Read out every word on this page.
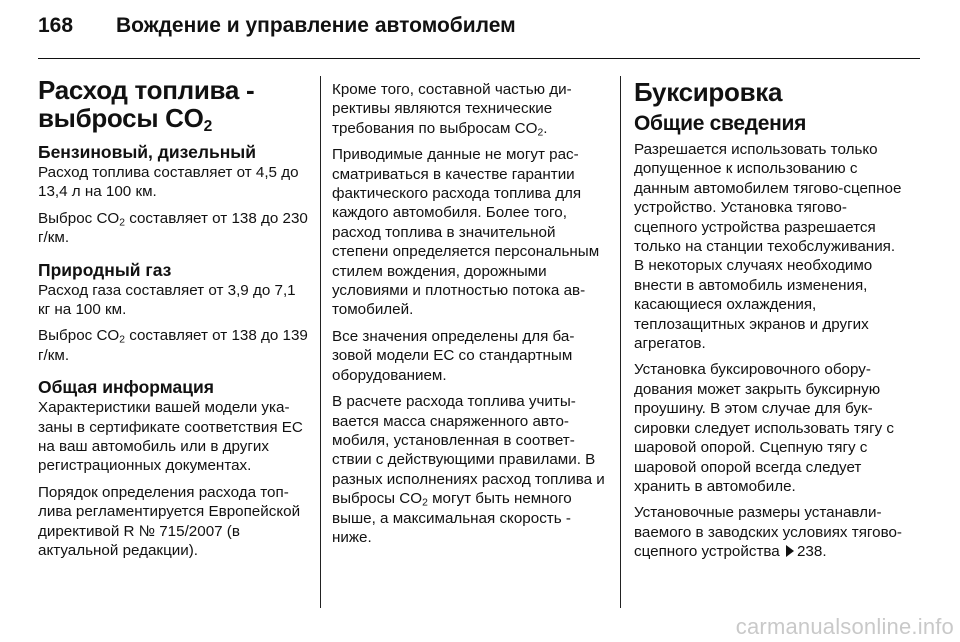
168	Вождение и управление автомобилем
Расход топлива -
выбросы $CO_2$
Бензиновый, дизельный

Расход топлива составляет от 4,5 до 13,4 л на 100 км.

Выброс $CO_2$ составляет от 138 до 230 г/км.

Природный газ

Расход газа составляет от 3,9 до 7,1 кг на 100 км.

Выброс $CO_2$ составляет от 138 до 139 г/км.

Общая информация

Характеристики вашей модели указаны в сертификате соответствия ЕС на ваш автомобиль или в других регистрационных документах.

Порядок определения расхода топлива регламентируется Европейской директивой R № 715/2007 (в актуальной редакции).

Кроме того, составной частью директивы являются технические требования по выбросам $CO_2$.

Приводимые данные не могут рассматриваться в качестве гарантии фактического расхода топлива для каждого автомобиля. Более того, расход топлива в значительной степени определяется персональным стилем вождения, дорожными условиями и плотностью потока автомобилей.

Все значения определены для базовой модели ЕС со стандартным оборудованием.

В расчете расхода топлива учитывается масса снаряженного автомобиля, установленная в соответствии с действующими правилами. В разных исполнениях расход топлива и выбросы $CO_2$ могут быть немного выше, а максимальная скорость - ниже.

Буксировка
Общие сведения

Разрешается использовать только допущенное к использованию с данным автомобилем тягово-сцепное устройство. Установка тягово-сцепного устройства разрешается только на станции техобслуживания. В некоторых случаях необходимо внести в автомобиль изменения, касающиеся охлаждения, теплозащитных экранов и других агрегатов.

Установка буксировочного оборудования может закрыть буксирную проушину. В этом случае для буксировки следует использовать тягу с шаровой опорой. Сцепную тягу с шаровой опорой всегда следует хранить в автомобиле.

Установочные размеры устанавливаемого в заводских условиях тягово-сцепного устройства 238.

carmanualsonline.info
